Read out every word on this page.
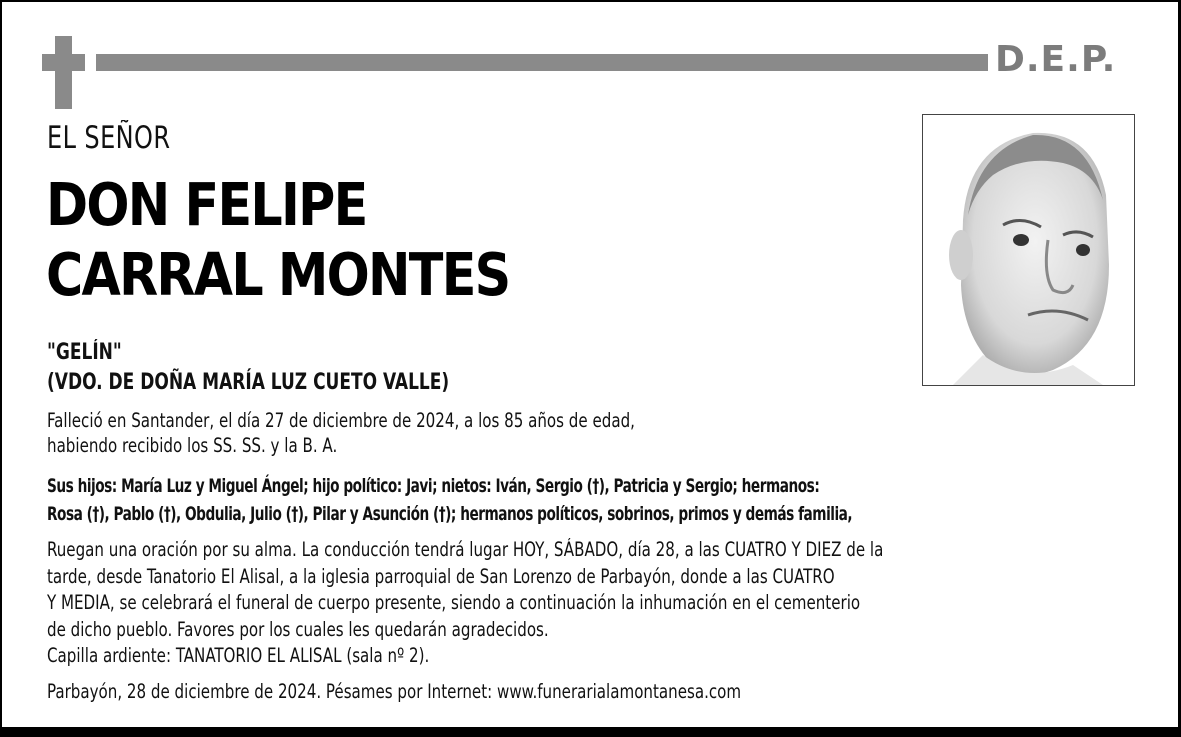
D.E.P.
EL SEÑOR
DON FELIPE
CARRAL MONTES
"GELÍN"
(VDO. DE DOÑA MARÍA LUZ CUETO VALLE)
Falleció en Santander, el día 27 de diciembre de 2024, a los 85 años de edad,
habiendo recibido los SS. SS. y la B. A.
Sus hijos: María Luz y Miguel Ángel; hijo político: Javi; nietos: Iván, Sergio (†), Patricia y Sergio; hermanos:
Rosa (†), Pablo (†), Obdulia, Julio (†), Pilar y Asunción (†); hermanos políticos, sobrinos, primos y demás familia,
Ruegan una oración por su alma. La conducción tendrá lugar HOY, SÁBADO, día 28, a las CUATRO Y DIEZ de la
tarde, desde Tanatorio El Alisal, a la iglesia parroquial de San Lorenzo de Parbayón, donde a las CUATRO
Y MEDIA, se celebrará el funeral de cuerpo presente, siendo a continuación la inhumación en el cementerio
de dicho pueblo. Favores por los cuales les quedarán agradecidos.
Capilla ardiente: TANATORIO EL ALISAL (sala nº 2).
Parbayón, 28 de diciembre de 2024. Pésames por Internet: www.funerarialamontanesa.com
